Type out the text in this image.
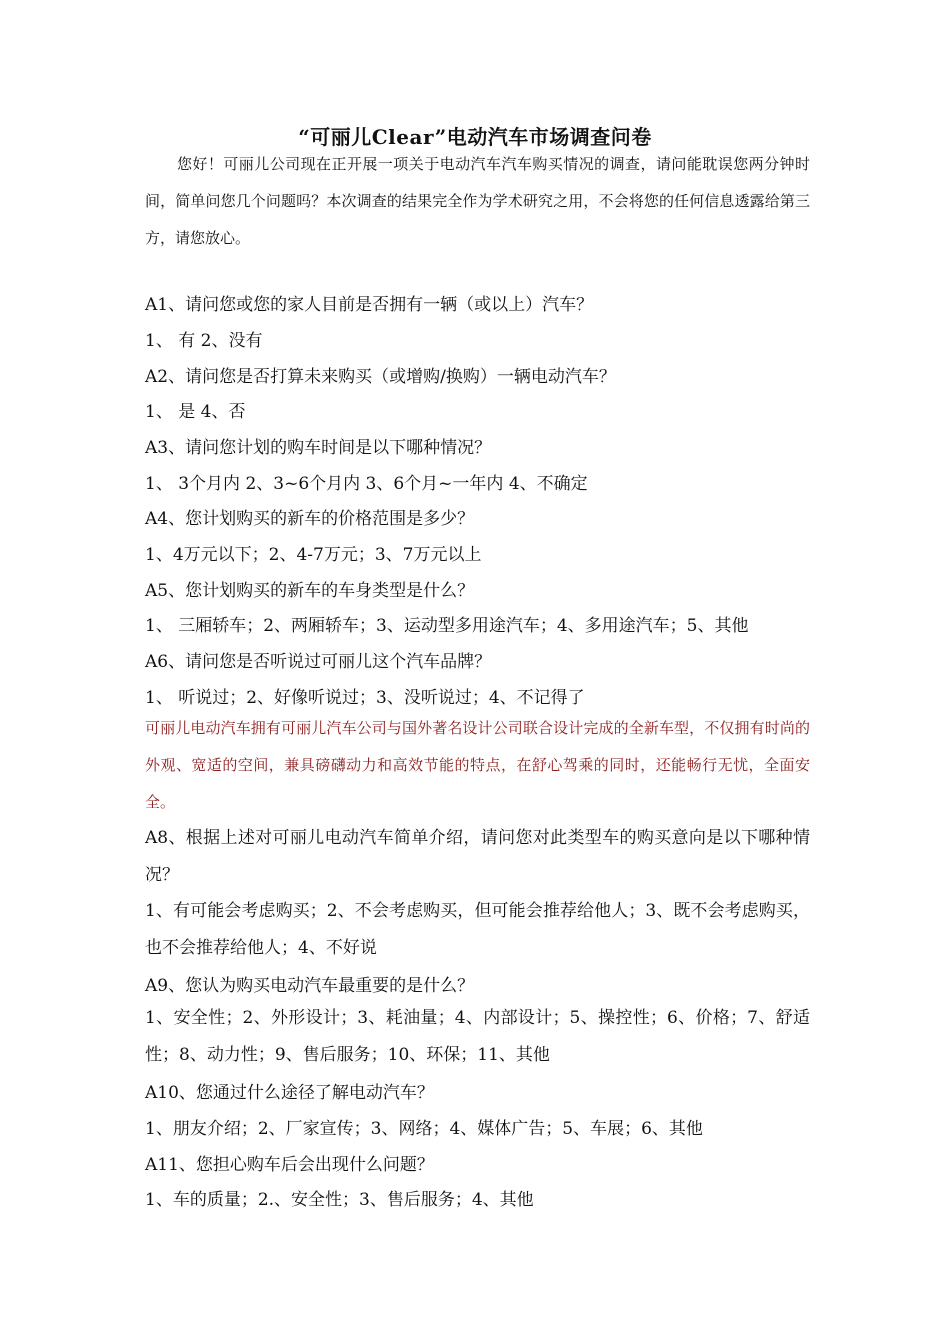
“可丽儿Clear”电动汽车市场调查问卷
您好！可丽儿公司现在正开展一项关于电动汽车汽车购买情况的调查，请问能耽误您两分钟时间，简单问您几个问题吗？本次调查的结果完全作为学术研究之用，不会将您的任何信息透露给第三方，请您放心。
A1、请问您或您的家人目前是否拥有一辆（或以上）汽车？
1、 有 2、没有
A2、请问您是否打算未来购买（或增购/换购）一辆电动汽车？
1、 是 4、否
A3、请问您计划的购车时间是以下哪种情况？
1、 3个月内 2、3~6个月内 3、6个月~一年内 4、不确定
A4、您计划购买的新车的价格范围是多少？
1、4万元以下；2、4-7万元；3、7万元以上
A5、您计划购买的新车的车身类型是什么？
1、 三厢轿车；2、两厢轿车；3、运动型多用途汽车；4、多用途汽车；5、其他
A6、请问您是否听说过可丽儿这个汽车品牌？
1、 听说过；2、好像听说过；3、没听说过；4、不记得了
可丽儿电动汽车拥有可丽儿汽车公司与国外著名设计公司联合设计完成的全新车型，不仅拥有时尚的外观、宽适的空间，兼具磅礴动力和高效节能的特点，在舒心驾乘的同时，还能畅行无忧，全面安全。
A8、根据上述对可丽儿电动汽车简单介绍，请问您对此类型车的购买意向是以下哪种情况？
1、有可能会考虑购买；2、不会考虑购买，但可能会推荐给他人；3、既不会考虑购买，也不会推荐给他人；4、不好说
A9、您认为购买电动汽车最重要的是什么？
1、安全性；2、外形设计；3、耗油量；4、内部设计；5、操控性；6、价格；7、舒适性；8、动力性；9、售后服务；10、环保；11、其他
A10、您通过什么途径了解电动汽车？
1、朋友介绍；2、厂家宣传；3、网络；4、媒体广告；5、车展；6、其他
A11、您担心购车后会出现什么问题？
1、车的质量；2.、安全性；3、售后服务；4、其他
